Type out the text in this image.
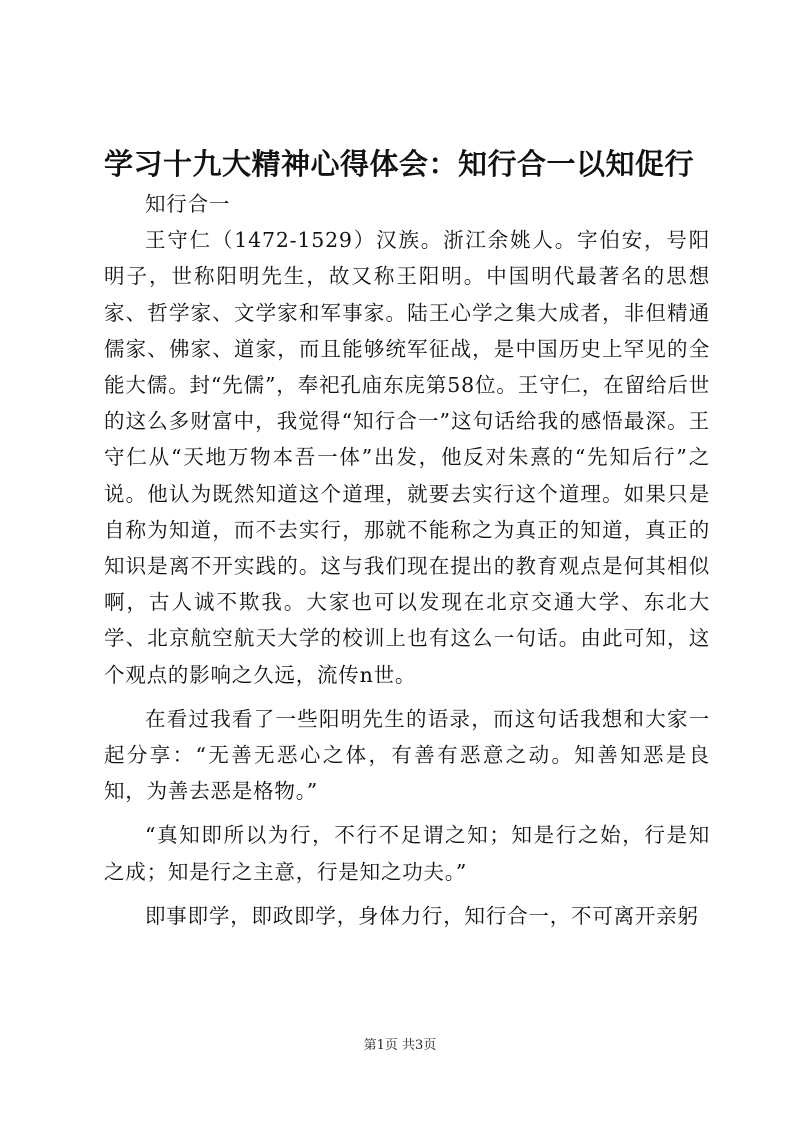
学习十九大精神心得体会：知行合一以知促行

知行合一

王守仁（1472-1529）汉族。浙江余姚人。字伯安，号阳明子，世称阳明先生，故又称王阳明。中国明代最著名的思想家、哲学家、文学家和军事家。陆王心学之集大成者，非但精通儒家、佛家、道家，而且能够统军征战，是中国历史上罕见的全能大儒。封“先儒”，奉祀孔庙东庑第58位。王守仁，在留给后世的这么多财富中，我觉得“知行合一”这句话给我的感悟最深。王守仁从“天地万物本吾一体”出发，他反对朱熹的“先知后行”之说。他认为既然知道这个道理，就要去实行这个道理。如果只是自称为知道，而不去实行，那就不能称之为真正的知道，真正的知识是离不开实践的。这与我们现在提出的教育观点是何其相似啊，古人诚不欺我。大家也可以发现在北京交通大学、东北大学、北京航空航天大学的校训上也有这么一句话。由此可知，这个观点的影响之久远，流传n世。

在看过我看了一些阳明先生的语录，而这句话我想和大家一起分享：“无善无恶心之体，有善有恶意之动。知善知恶是良知，为善去恶是格物。”

“真知即所以为行，不行不足谓之知；知是行之始，行是知之成；知是行之主意，行是知之功夫。”

即事即学，即政即学，身体力行，知行合一，不可离开亲躬

第1页 共3页
